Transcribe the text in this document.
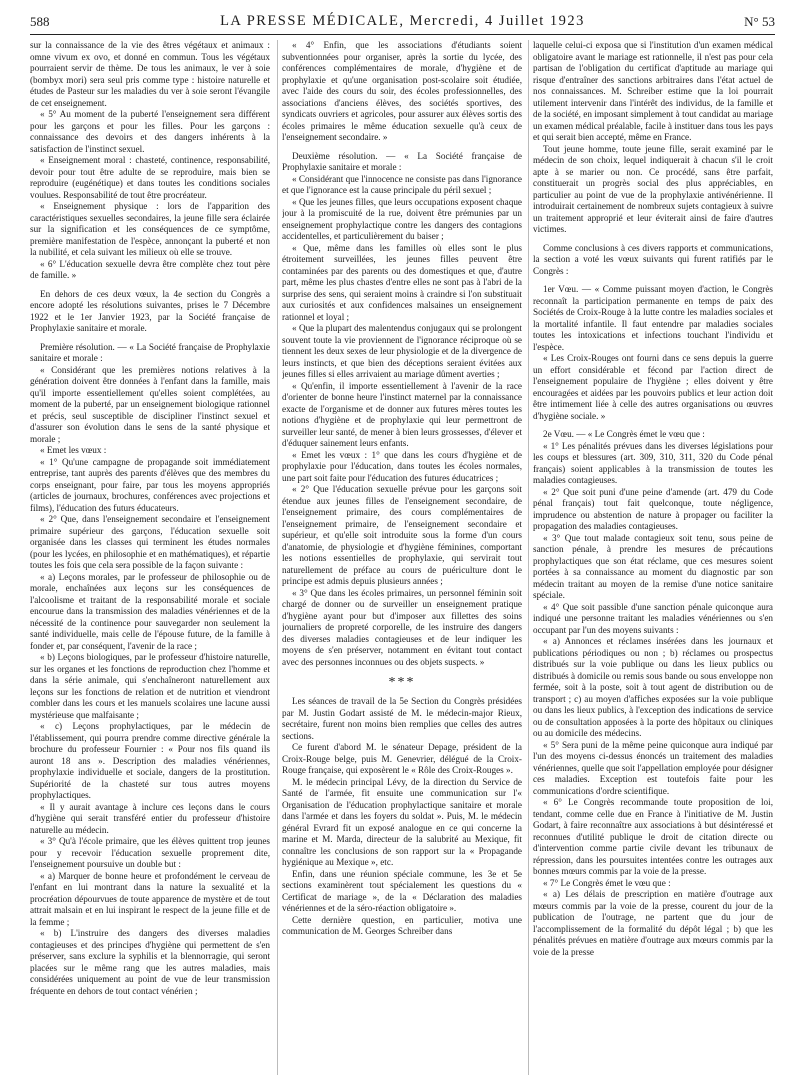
588	LA PRESSE MÉDICALE, Mercredi, 4 Juillet 1923	N° 53

sur la connaissance de la vie des êtres végétaux et animaux : omne vivum ex ovo, et donné en commun. Tous les végétaux pourraient servir de thème. De tous les animaux, le ver à soie (bombyx mori) sera seul pris comme type : histoire naturelle et études de Pasteur sur les maladies du ver à soie seront l'évangile de cet enseignement.

« 5° Au moment de la puberté l'enseignement sera différent pour les garçons et pour les filles. Pour les garçons : connaissance des devoirs et des dangers inhérents à la satisfaction de l'instinct sexuel.

« Enseignement moral : chasteté, continence, responsabilité, devoir pour tout être adulte de se reproduire, mais bien se reproduire (eugénétique) et dans toutes les conditions sociales voulues. Responsabilité de tout être procréateur.

« Enseignement physique : lors de l'apparition des caractéristiques sexuelles secondaires, la jeune fille sera éclairée sur la signification et les conséquences de ce symptôme, première manifestation de l'espèce, annonçant la puberté et non la nubilité, et cela suivant les milieux où elle se trouve.

« 6° L'éducation sexuelle devra être complète chez tout père de famille. »

En dehors de ces deux vœux, la 4e section du Congrès a encore adopté les résolutions suivantes, prises le 7 Décembre 1922 et le 1er Janvier 1923, par la Société française de Prophylaxie sanitaire et morale.

Première résolution. — « La Société française de Prophylaxie sanitaire et morale :

« Considérant que les premières notions relatives à la génération doivent être données à l'enfant dans la famille, mais qu'il importe essentiellement qu'elles soient complétées, au moment de la puberté, par un enseignement biologique rationnel et précis, seul susceptible de discipliner l'instinct sexuel et d'assurer son évolution dans le sens de la santé physique et morale ;

« Emet les vœux :

« 1° Qu'une campagne de propagande soit immédiatement entreprise, tant auprès des parents d'élèves que des membres du corps enseignant, pour faire, par tous les moyens appropriés (articles de journaux, brochures, conférences avec projections et films), l'éducation des futurs éducateurs.

« 2° Que, dans l'enseignement secondaire et l'enseignement primaire supérieur des garçons, l'éducation sexuelle soit organisée dans les classes qui terminent les études normales (pour les lycées, en philosophie et en mathématiques), et répartie toutes les fois que cela sera possible de la façon suivante :

« a) Leçons morales, par le professeur de philosophie ou de morale, enchaînées aux leçons sur les conséquences de l'alcoolisme et traitant de la responsabilité morale et sociale encourue dans la transmission des maladies vénériennes et de la nécessité de la continence pour sauvegarder non seulement la santé individuelle, mais celle de l'épouse future, de la famille à fonder et, par conséquent, l'avenir de la race ;

« b) Leçons biologiques, par le professeur d'histoire naturelle, sur les organes et les fonctions de reproduction chez l'homme et dans la série animale, qui s'enchaîneront naturellement aux leçons sur les fonctions de relation et de nutrition et viendront combler dans les cours et les manuels scolaires une lacune aussi mystérieuse que malfaisante ;

« c) Leçons prophylactiques, par le médecin de l'établissement, qui pourra prendre comme directive générale la brochure du professeur Fournier : « Pour nos fils quand ils auront 18 ans ». Description des maladies vénériennes, prophylaxie individuelle et sociale, dangers de la prostitution. Supériorité de la chasteté sur tous autres moyens prophylactiques.

« Il y aurait avantage à inclure ces leçons dans le cours d'hygiène qui serait transféré entier du professeur d'histoire naturelle au médecin.

« 3° Qu'à l'école primaire, que les élèves quittent trop jeunes pour y recevoir l'éducation sexuelle proprement dite, l'enseignement poursuive un double but :

« a) Marquer de bonne heure et profondément le cerveau de l'enfant en lui montrant dans la nature la sexualité et la procréation dépourvues de toute apparence de mystère et de tout attrait malsain et en lui inspirant le respect de la jeune fille et de la femme ;

« b) L'instruire des dangers des diverses maladies contagieuses et des principes d'hygiène qui permettent de s'en préserver, sans exclure la syphilis et la blennorragie, qui seront placées sur le même rang que les autres maladies, mais considérées uniquement au point de vue de leur transmission fréquente en dehors de tout contact vénérien ;

« 4° Enfin, que les associations d'étudiants soient subventionnées pour organiser, après la sortie du lycée, des conférences complémentaires de morale, d'hygiène et de prophylaxie et qu'une organisation post-scolaire soit étudiée, avec l'aide des cours du soir, des écoles professionnelles, des associations d'anciens élèves, des sociétés sportives, des syndicats ouvriers et agricoles, pour assurer aux élèves sortis des écoles primaires le même éducation sexuelle qu'à ceux de l'enseignement secondaire. »

Deuxième résolution. — « La Société française de Prophylaxie sanitaire et morale :

« Considérant que l'innocence ne consiste pas dans l'ignorance et que l'ignorance est la cause principale du péril sexuel ;

« Que les jeunes filles, que leurs occupations exposent chaque jour à la promiscuité de la rue, doivent être prémunies par un enseignement prophylactique contre les dangers des contagions accidentelles, et particulièrement du baiser ;

« Que, même dans les familles où elles sont le plus étroitement surveillées, les jeunes filles peuvent être contaminées par des parents ou des domestiques et que, d'autre part, même les plus chastes d'entre elles ne sont pas à l'abri de la surprise des sens, qui seraient moins à craindre si l'on substituait aux curiosités et aux confidences malsaines un enseignement rationnel et loyal ;

« Que la plupart des malentendus conjugaux qui se prolongent souvent toute la vie proviennent de l'ignorance réciproque où se tiennent les deux sexes de leur physiologie et de la divergence de leurs instincts, et que bien des déceptions seraient évitées aux jeunes filles si elles arrivaient au mariage dûment averties ;

« Qu'enfin, il importe essentiellement à l'avenir de la race d'orienter de bonne heure l'instinct maternel par la connaissance exacte de l'organisme et de donner aux futures mères toutes les notions d'hygiène et de prophylaxie qui leur permettront de surveiller leur santé, de mener à bien leurs grossesses, d'élever et d'éduquer sainement leurs enfants.

« Emet les vœux : 1° que dans les cours d'hygiène et de prophylaxie pour l'éducation, dans toutes les écoles normales, une part soit faite pour l'éducation des futures éducatrices ;

« 2° Que l'éducation sexuelle prévue pour les garçons soit étendue aux jeunes filles de l'enseignement secondaire, de l'enseignement primaire, des cours complémentaires de l'enseignement primaire, de l'enseignement secondaire et supérieur, et qu'elle soit introduite sous la forme d'un cours d'anatomie, de physiologie et d'hygiène féminines, comportant les notions essentielles de prophylaxie, qui servirait tout naturellement de préface au cours de puériculture dont le principe est admis depuis plusieurs années ;

« 3° Que dans les écoles primaires, un personnel féminin soit chargé de donner ou de surveiller un enseignement pratique d'hygiène ayant pour but d'imposer aux fillettes des soins journaliers de propreté corporelle, de les instruire des dangers des diverses maladies contagieuses et de leur indiquer les moyens de s'en préserver, notamment en évitant tout contact avec des personnes inconnues ou des objets suspects. »

***

Les séances de travail de la 5e Section du Congrès présidées par M. Justin Godart assisté de M. le médecin-major Rieux, secrétaire, furent non moins bien remplies que celles des autres sections.

Ce furent d'abord M. le sénateur Depage, président de la Croix-Rouge belge, puis M. Genevrier, délégué de la Croix-Rouge française, qui exposèrent le « Rôle des Croix-Rouges ».

M. le médecin principal Lévy, de la direction du Service de Santé de l'armée, fit ensuite une communication sur l'« Organisation de l'éducation prophylactique sanitaire et morale dans l'armée et dans les foyers du soldat ». Puis, M. le médecin général Evrard fit un exposé analogue en ce qui concerne la marine et M. Marda, directeur de la salubrité au Mexique, fit connaître les conclusions de son rapport sur la « Propagande hygiénique au Mexique », etc.

Enfin, dans une réunion spéciale commune, les 3e et 5e sections examinèrent tout spécialement les questions du « Certificat de mariage », de la « Déclaration des maladies vénériennes et de la séro-réaction obligatoire ».

Cette dernière question, en particulier, motiva une communication de M. Georges Schreiber dans

laquelle celui-ci exposa que si l'institution d'un examen médical obligatoire avant le mariage est rationnelle, il n'est pas pour cela partisan de l'obligation du certificat d'aptitude au mariage qui risque d'entraîner des sanctions arbitraires dans l'état actuel de nos connaissances. M. Schreiber estime que la loi pourrait utilement intervenir dans l'intérêt des individus, de la famille et de la société, en imposant simplement à tout candidat au mariage un examen médical préalable, facile à instituer dans tous les pays et qui serait bien accepté, même en France.

Tout jeune homme, toute jeune fille, serait examiné par le médecin de son choix, lequel indiquerait à chacun s'il le croit apte à se marier ou non. Ce procédé, sans être parfait, constituerait un progrès social des plus appréciables, en particulier au point de vue de la prophylaxie antivénérienne. Il introduirait certainement de nombreux sujets contagieux à suivre un traitement approprié et leur éviterait ainsi de faire d'autres victimes.

Comme conclusions à ces divers rapports et communications, la section a voté les vœux suivants qui furent ratifiés par le Congrès :

1er Vœu. — « Comme puissant moyen d'action, le Congrès reconnaît la participation permanente en temps de paix des Sociétés de Croix-Rouge à la lutte contre les maladies sociales et la mortalité infantile. Il faut entendre par maladies sociales toutes les intoxications et infections touchant l'individu et l'espèce.

« Les Croix-Rouges ont fourni dans ce sens depuis la guerre un effort considérable et fécond par l'action direct de l'enseignement populaire de l'hygiène ; elles doivent y être encouragées et aidées par les pouvoirs publics et leur action doit être intimement liée à celle des autres organisations ou œuvres d'hygiène sociale. »

2e Vœu. — « Le Congrès émet le vœu que :

« 1° Les pénalités prévues dans les diverses législations pour les coups et blessures (art. 309, 310, 311, 320 du Code pénal français) soient applicables à la transmission de toutes les maladies contagieuses.

« 2° Que soit puni d'une peine d'amende (art. 479 du Code pénal français) tout fait quelconque, toute négligence, imprudence ou abstention de nature à propager ou faciliter la propagation des maladies contagieuses.

« 3° Que tout malade contagieux soit tenu, sous peine de sanction pénale, à prendre les mesures de précautions prophylactiques que son état réclame, que ces mesures soient portées à sa connaissance au moment du diagnostic par son médecin traitant au moyen de la remise d'une notice sanitaire spéciale.

« 4° Que soit passible d'une sanction pénale quiconque aura indiqué une personne traitant les maladies vénériennes ou s'en occupant par l'un des moyens suivants :

« a) Annonces et réclames insérées dans les journaux et publications périodiques ou non ; b) réclames ou prospectus distribués sur la voie publique ou dans les lieux publics ou distribués à domicile ou remis sous bande ou sous enveloppe non fermée, soit à la poste, soit à tout agent de distribution ou de transport ; c) au moyen d'affiches exposées sur la voie publique ou dans les lieux publics, à l'exception des indications de service ou de consultation apposées à la porte des hôpitaux ou cliniques ou au domicile des médecins.

« 5° Sera puni de la même peine quiconque aura indiqué par l'un des moyens ci-dessus énoncés un traitement des maladies vénériennes, quelle que soit l'appellation employée pour désigner ces maladies. Exception est toutefois faite pour les communications d'ordre scientifique.

« 6° Le Congrès recommande toute proposition de loi, tendant, comme celle due en France à l'initiative de M. Justin Godart, à faire reconnaître aux associations à but désintéressé et reconnues d'utilité publique le droit de citation directe ou d'intervention comme partie civile devant les tribunaux de répression, dans les poursuites intentées contre les outrages aux bonnes mœurs commis par la voie de la presse.

« 7° Le Congrès émet le vœu que :

« a) Les délais de prescription en matière d'outrage aux mœurs commis par la voie de la presse, courent du jour de la publication de l'outrage, ne partent que du jour de l'accomplissement de la formalité du dépôt légal ; b) que les pénalités prévues en matière d'outrage aux mœurs commis par la voie de la presse
